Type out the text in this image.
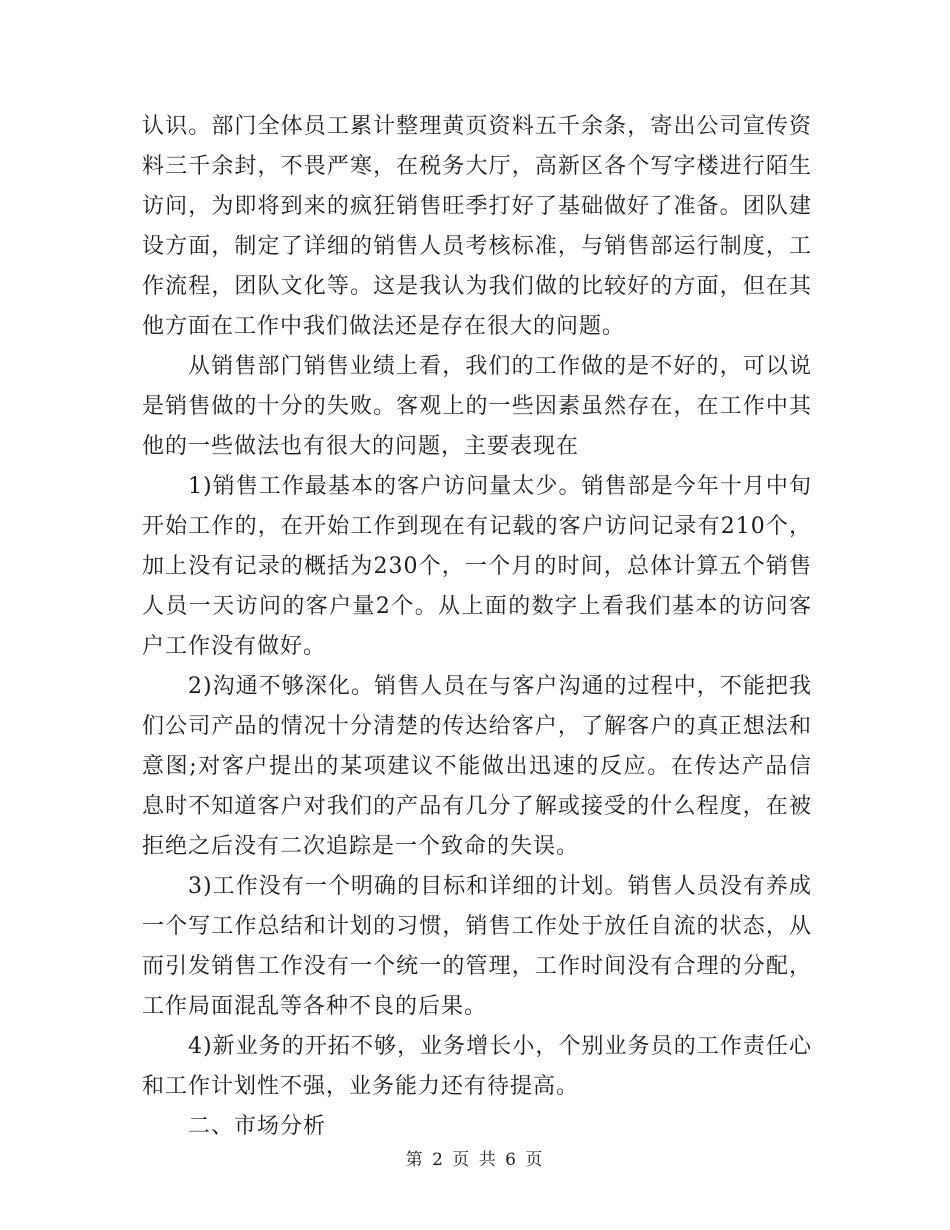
认识。部门全体员工累计整理黄页资料五千余条，寄出公司宣传资料三千余封，不畏严寒，在税务大厅，高新区各个写字楼进行陌生访问，为即将到来的疯狂销售旺季打好了基础做好了准备。团队建设方面，制定了详细的销售人员考核标准，与销售部运行制度，工作流程，团队文化等。这是我认为我们做的比较好的方面，但在其他方面在工作中我们做法还是存在很大的问题。

从销售部门销售业绩上看，我们的工作做的是不好的，可以说是销售做的十分的失败。客观上的一些因素虽然存在，在工作中其他的一些做法也有很大的问题，主要表现在

1)销售工作最基本的客户访问量太少。销售部是今年十月中旬开始工作的，在开始工作到现在有记载的客户访问记录有210个，加上没有记录的概括为230个，一个月的时间，总体计算五个销售人员一天访问的客户量2个。从上面的数字上看我们基本的访问客户工作没有做好。

2)沟通不够深化。销售人员在与客户沟通的过程中，不能把我们公司产品的情况十分清楚的传达给客户，了解客户的真正想法和意图;对客户提出的某项建议不能做出迅速的反应。在传达产品信息时不知道客户对我们的产品有几分了解或接受的什么程度，在被拒绝之后没有二次追踪是一个致命的失误。

3)工作没有一个明确的目标和详细的计划。销售人员没有养成一个写工作总结和计划的习惯，销售工作处于放任自流的状态，从而引发销售工作没有一个统一的管理，工作时间没有合理的分配，工作局面混乱等各种不良的后果。

4)新业务的开拓不够，业务增长小，个别业务员的工作责任心和工作计划性不强，业务能力还有待提高。

二、市场分析

第 2 页 共 6 页
